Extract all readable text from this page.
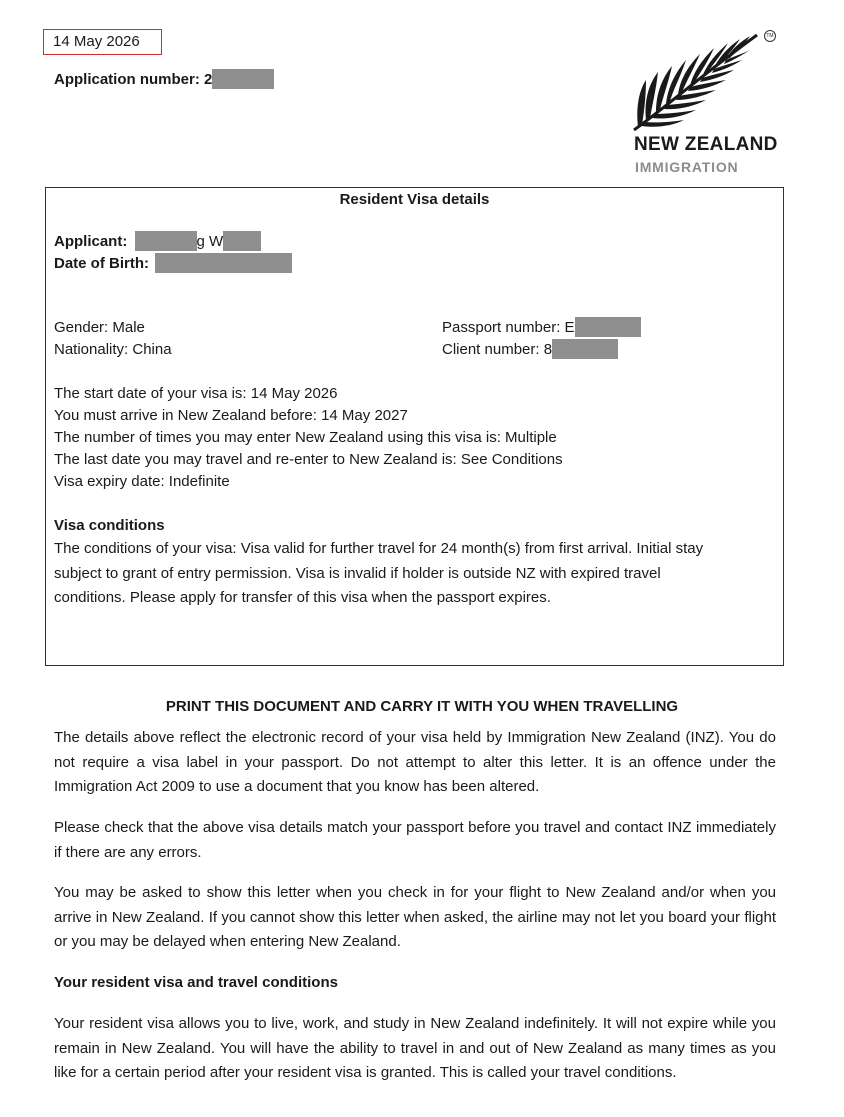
14 May 2026
Application number: 2
TM
NEW ZEALAND
IMMIGRATION
Resident Visa details
Applicant:	g W
Date of Birth:
Gender: Male
Nationality: China
Passport number: E
Client number: 8
The start date of your visa is: 14 May 2026
You must arrive in New Zealand before: 14 May 2027
The number of times you may enter New Zealand using this visa is: Multiple
The last date you may travel and re-enter to New Zealand is: See Conditions
Visa expiry date: Indefinite
Visa conditions
The conditions of your visa: Visa valid for further travel for 24 month(s) from first arrival. Initial stay
subject to grant of entry permission. Visa is invalid if holder is outside NZ with expired travel
conditions. Please apply for transfer of this visa when the passport expires.
PRINT THIS DOCUMENT AND CARRY IT WITH YOU WHEN TRAVELLING
The details above reflect the electronic record of your visa held by Immigration New Zealand (INZ). You do not require a visa label in your passport. Do not attempt to alter this letter. It is an offence under the Immigration Act 2009 to use a document that you know has been altered.
Please check that the above visa details match your passport before you travel and contact INZ immediately if there are any errors.
You may be asked to show this letter when you check in for your flight to New Zealand and/or when you arrive in New Zealand. If you cannot show this letter when asked, the airline may not let you board your flight or you may be delayed when entering New Zealand.
Your resident visa and travel conditions
Your resident visa allows you to live, work, and study in New Zealand indefinitely. It will not expire while you remain in New Zealand. You will have the ability to travel in and out of New Zealand as many times as you like for a certain period after your resident visa is granted. This is called your travel conditions.
